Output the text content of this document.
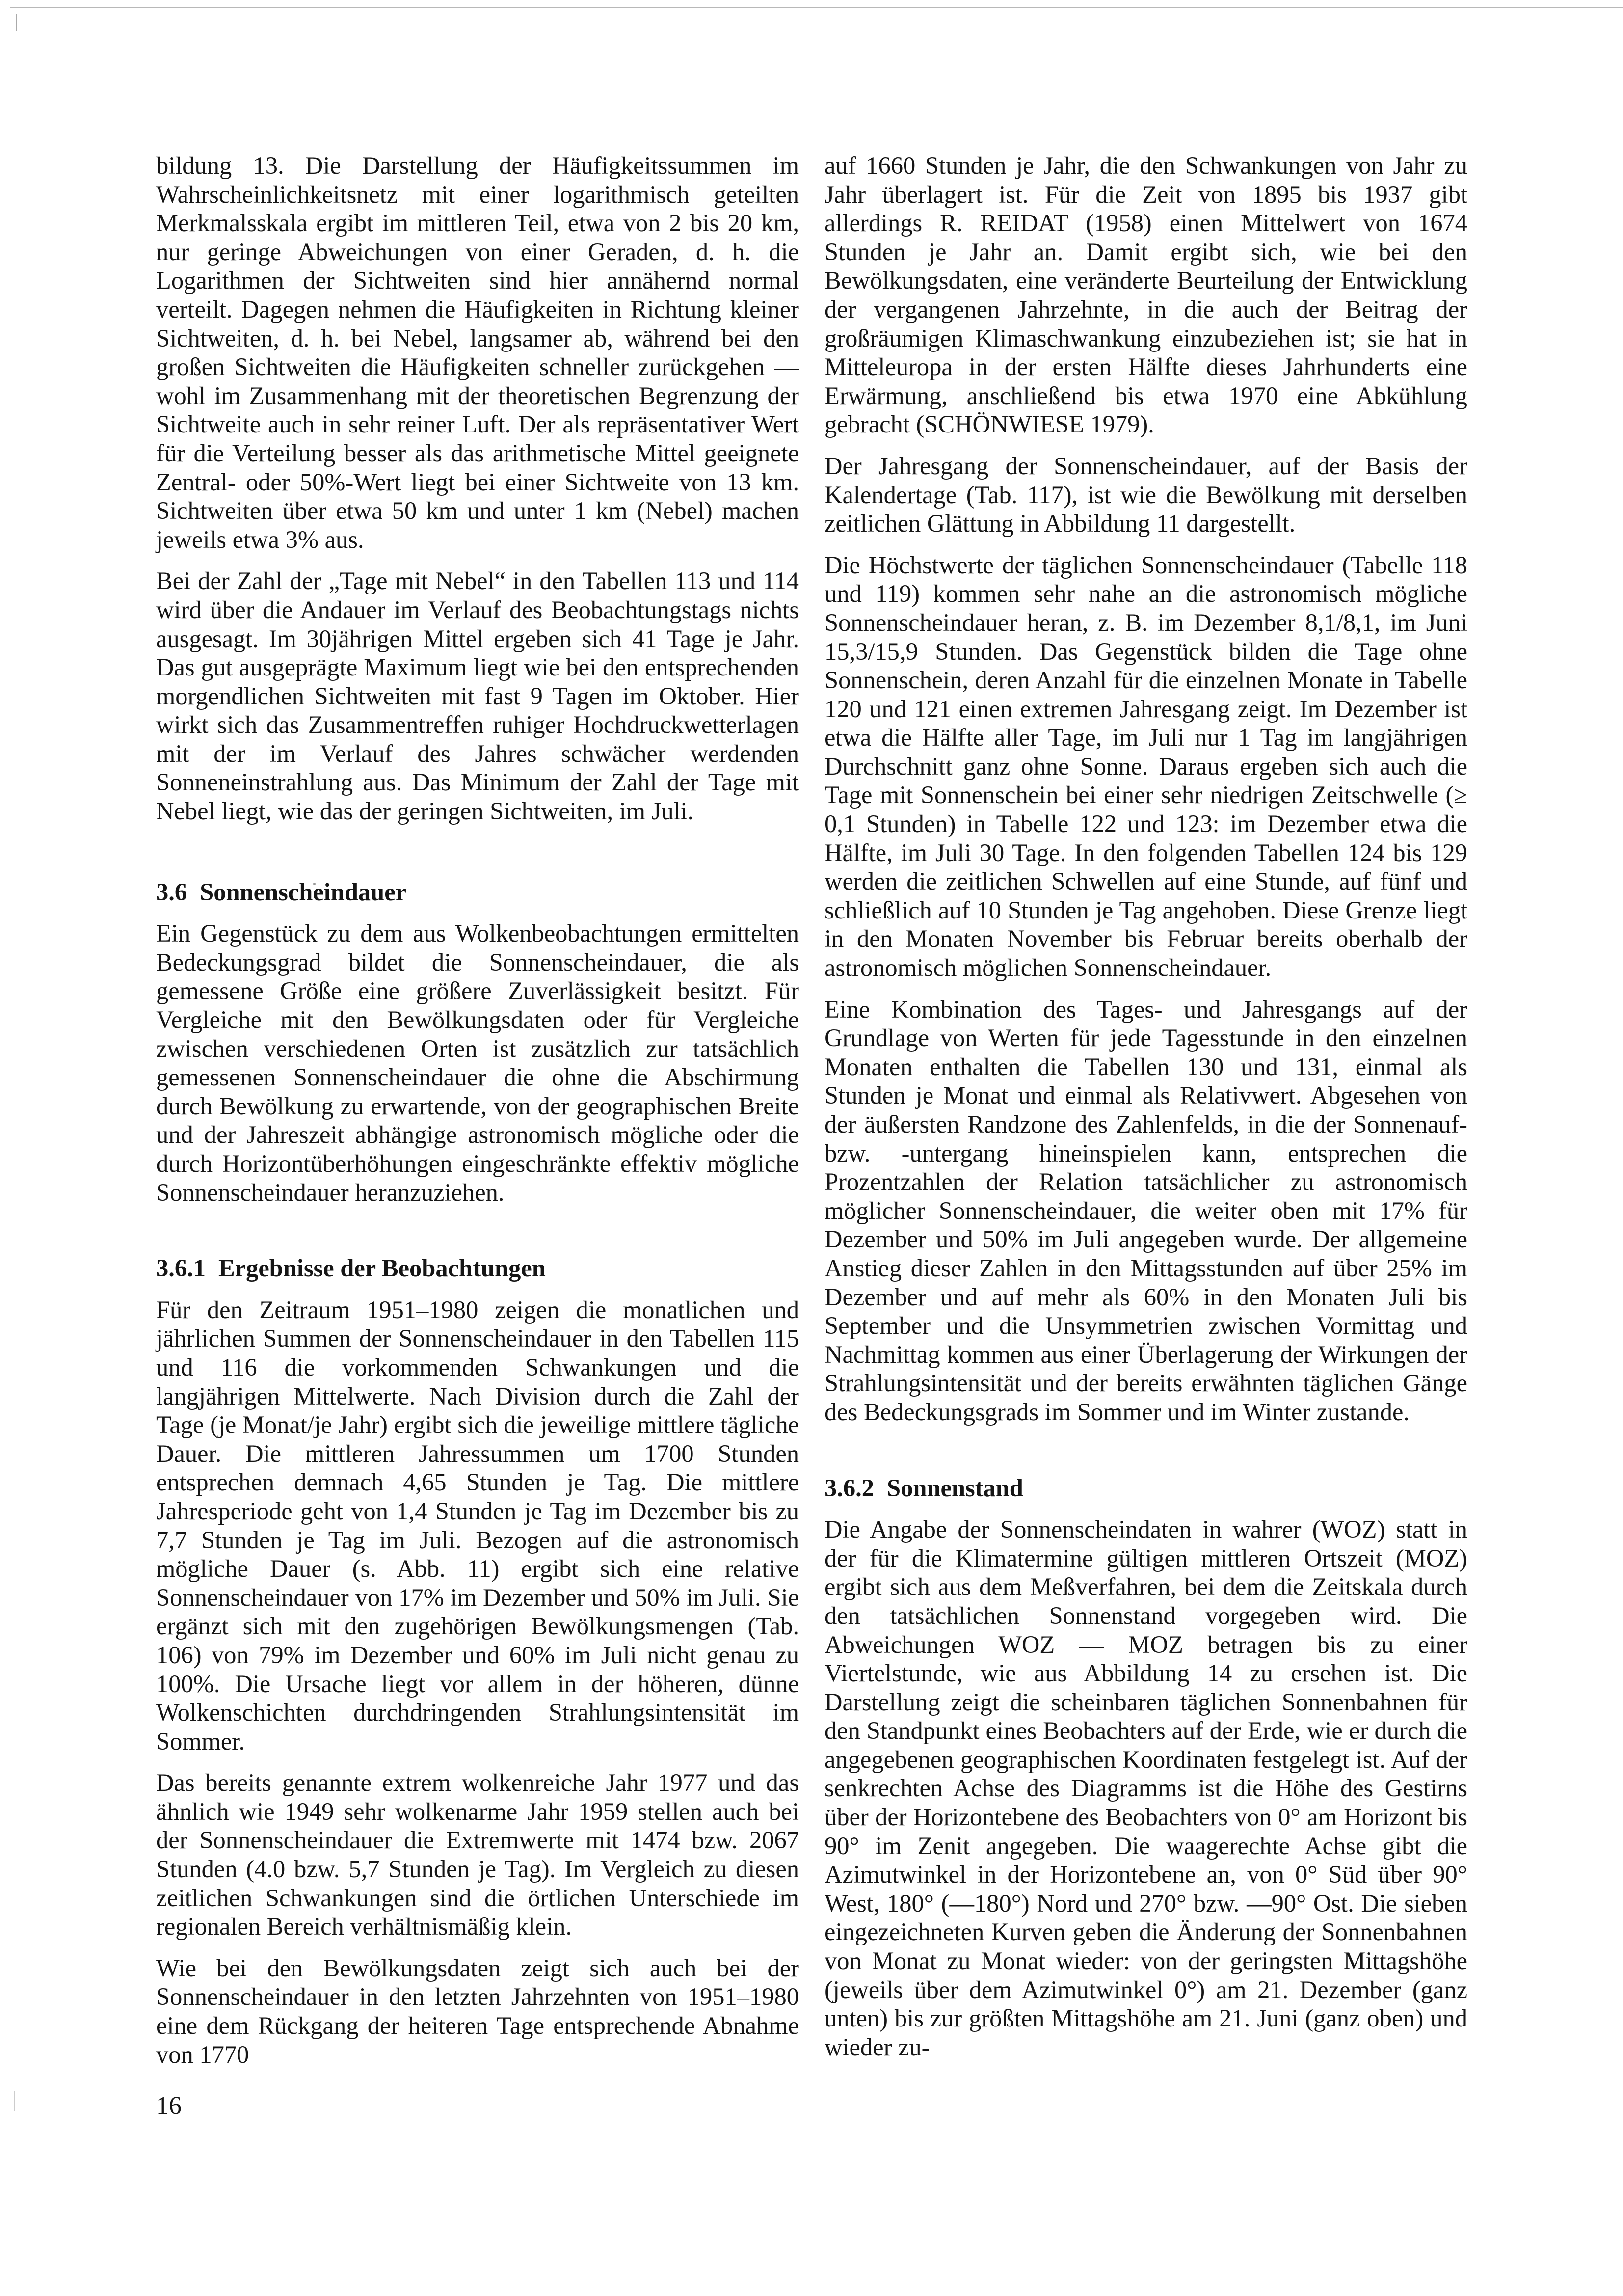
bildung 13. Die Darstellung der Häufigkeitssummen im Wahrscheinlichkeitsnetz mit einer logarithmisch geteilten Merkmalsskala ergibt im mittleren Teil, etwa von 2 bis 20 km, nur geringe Abweichungen von einer Geraden, d. h. die Logarithmen der Sichtweiten sind hier annähernd normal verteilt. Dagegen nehmen die Häufigkeiten in Richtung kleiner Sichtweiten, d. h. bei Nebel, langsamer ab, während bei den großen Sichtweiten die Häufigkeiten schneller zurückgehen — wohl im Zusammenhang mit der theoretischen Begrenzung der Sichtweite auch in sehr reiner Luft. Der als repräsentativer Wert für die Verteilung besser als das arithmetische Mittel geeignete Zentral- oder 50%-Wert liegt bei einer Sichtweite von 13 km. Sichtweiten über etwa 50 km und unter 1 km (Nebel) machen jeweils etwa 3% aus.

Bei der Zahl der „Tage mit Nebel“ in den Tabellen 113 und 114 wird über die Andauer im Verlauf des Beobachtungstags nichts ausgesagt. Im 30jährigen Mittel ergeben sich 41 Tage je Jahr. Das gut ausgeprägte Maximum liegt wie bei den entsprechenden morgendlichen Sichtweiten mit fast 9 Tagen im Oktober. Hier wirkt sich das Zusammentreffen ruhiger Hochdruckwetterlagen mit der im Verlauf des Jahres schwächer werdenden Sonneneinstrahlung aus. Das Minimum der Zahl der Tage mit Nebel liegt, wie das der geringen Sichtweiten, im Juli.

3.6 Sonnenscheindauer

Ein Gegenstück zu dem aus Wolkenbeobachtungen ermittelten Bedeckungsgrad bildet die Sonnenscheindauer, die als gemessene Größe eine größere Zuverlässigkeit besitzt. Für Vergleiche mit den Bewölkungsdaten oder für Vergleiche zwischen verschiedenen Orten ist zusätzlich zur tatsächlich gemessenen Sonnenscheindauer die ohne die Abschirmung durch Bewölkung zu erwartende, von der geographischen Breite und der Jahreszeit abhängige astronomisch mögliche oder die durch Horizontüberhöhungen eingeschränkte effektiv mögliche Sonnenscheindauer heranzuziehen.

3.6.1 Ergebnisse der Beobachtungen

Für den Zeitraum 1951–1980 zeigen die monatlichen und jährlichen Summen der Sonnenscheindauer in den Tabellen 115 und 116 die vorkommenden Schwankungen und die langjährigen Mittelwerte. Nach Division durch die Zahl der Tage (je Monat/je Jahr) ergibt sich die jeweilige mittlere tägliche Dauer. Die mittleren Jahressummen um 1700 Stunden entsprechen demnach 4,65 Stunden je Tag. Die mittlere Jahresperiode geht von 1,4 Stunden je Tag im Dezember bis zu 7,7 Stunden je Tag im Juli. Bezogen auf die astronomisch mögliche Dauer (s. Abb. 11) ergibt sich eine relative Sonnenscheindauer von 17% im Dezember und 50% im Juli. Sie ergänzt sich mit den zugehörigen Bewölkungsmengen (Tab. 106) von 79% im Dezember und 60% im Juli nicht genau zu 100%. Die Ursache liegt vor allem in der höheren, dünne Wolkenschichten durchdringenden Strahlungsintensität im Sommer.

Das bereits genannte extrem wolkenreiche Jahr 1977 und das ähnlich wie 1949 sehr wolkenarme Jahr 1959 stellen auch bei der Sonnenscheindauer die Extremwerte mit 1474 bzw. 2067 Stunden (4.0 bzw. 5,7 Stunden je Tag). Im Vergleich zu diesen zeitlichen Schwankungen sind die örtlichen Unterschiede im regionalen Bereich verhältnismäßig klein.

Wie bei den Bewölkungsdaten zeigt sich auch bei der Sonnenscheindauer in den letzten Jahrzehnten von 1951–1980 eine dem Rückgang der heiteren Tage entsprechende Abnahme von 1770

auf 1660 Stunden je Jahr, die den Schwankungen von Jahr zu Jahr überlagert ist. Für die Zeit von 1895 bis 1937 gibt allerdings R. REIDAT (1958) einen Mittelwert von 1674 Stunden je Jahr an. Damit ergibt sich, wie bei den Bewölkungsdaten, eine veränderte Beurteilung der Entwicklung der vergangenen Jahrzehnte, in die auch der Beitrag der großräumigen Klimaschwankung einzubeziehen ist; sie hat in Mitteleuropa in der ersten Hälfte dieses Jahrhunderts eine Erwärmung, anschließend bis etwa 1970 eine Abkühlung gebracht (SCHÖNWIESE 1979).

Der Jahresgang der Sonnenscheindauer, auf der Basis der Kalendertage (Tab. 117), ist wie die Bewölkung mit derselben zeitlichen Glättung in Abbildung 11 dargestellt.

Die Höchstwerte der täglichen Sonnenscheindauer (Tabelle 118 und 119) kommen sehr nahe an die astronomisch mögliche Sonnenscheindauer heran, z. B. im Dezember 8,1/8,1, im Juni 15,3/15,9 Stunden. Das Gegenstück bilden die Tage ohne Sonnenschein, deren Anzahl für die einzelnen Monate in Tabelle 120 und 121 einen extremen Jahresgang zeigt. Im Dezember ist etwa die Hälfte aller Tage, im Juli nur 1 Tag im langjährigen Durchschnitt ganz ohne Sonne. Daraus ergeben sich auch die Tage mit Sonnenschein bei einer sehr niedrigen Zeitschwelle (≥ 0,1 Stunden) in Tabelle 122 und 123: im Dezember etwa die Hälfte, im Juli 30 Tage. In den folgenden Tabellen 124 bis 129 werden die zeitlichen Schwellen auf eine Stunde, auf fünf und schließlich auf 10 Stunden je Tag angehoben. Diese Grenze liegt in den Monaten November bis Februar bereits oberhalb der astronomisch möglichen Sonnenscheindauer.

Eine Kombination des Tages- und Jahresgangs auf der Grundlage von Werten für jede Tagesstunde in den einzelnen Monaten enthalten die Tabellen 130 und 131, einmal als Stunden je Monat und einmal als Relativwert. Abgesehen von der äußersten Randzone des Zahlenfelds, in die der Sonnenauf- bzw. -untergang hineinspielen kann, entsprechen die Prozentzahlen der Relation tatsächlicher zu astronomisch möglicher Sonnenscheindauer, die weiter oben mit 17% für Dezember und 50% im Juli angegeben wurde. Der allgemeine Anstieg dieser Zahlen in den Mittagsstunden auf über 25% im Dezember und auf mehr als 60% in den Monaten Juli bis September und die Unsymmetrien zwischen Vormittag und Nachmittag kommen aus einer Überlagerung der Wirkungen der Strahlungsintensität und der bereits erwähnten täglichen Gänge des Bedeckungsgrads im Sommer und im Winter zustande.

3.6.2 Sonnenstand

Die Angabe der Sonnenscheindaten in wahrer (WOZ) statt in der für die Klimatermine gültigen mittleren Ortszeit (MOZ) ergibt sich aus dem Meßverfahren, bei dem die Zeitskala durch den tatsächlichen Sonnenstand vorgegeben wird. Die Abweichungen WOZ — MOZ betragen bis zu einer Viertelstunde, wie aus Abbildung 14 zu ersehen ist. Die Darstellung zeigt die scheinbaren täglichen Sonnenbahnen für den Standpunkt eines Beobachters auf der Erde, wie er durch die angegebenen geographischen Koordinaten festgelegt ist. Auf der senkrechten Achse des Diagramms ist die Höhe des Gestirns über der Horizontebene des Beobachters von 0° am Horizont bis 90° im Zenit angegeben. Die waagerechte Achse gibt die Azimutwinkel in der Horizontebene an, von 0° Süd über 90° West, 180° (—180°) Nord und 270° bzw. —90° Ost. Die sieben eingezeichneten Kurven geben die Änderung der Sonnenbahnen von Monat zu Monat wieder: von der geringsten Mittagshöhe (jeweils über dem Azimutwinkel 0°) am 21. Dezember (ganz unten) bis zur größten Mittagshöhe am 21. Juni (ganz oben) und wieder zu-

16
